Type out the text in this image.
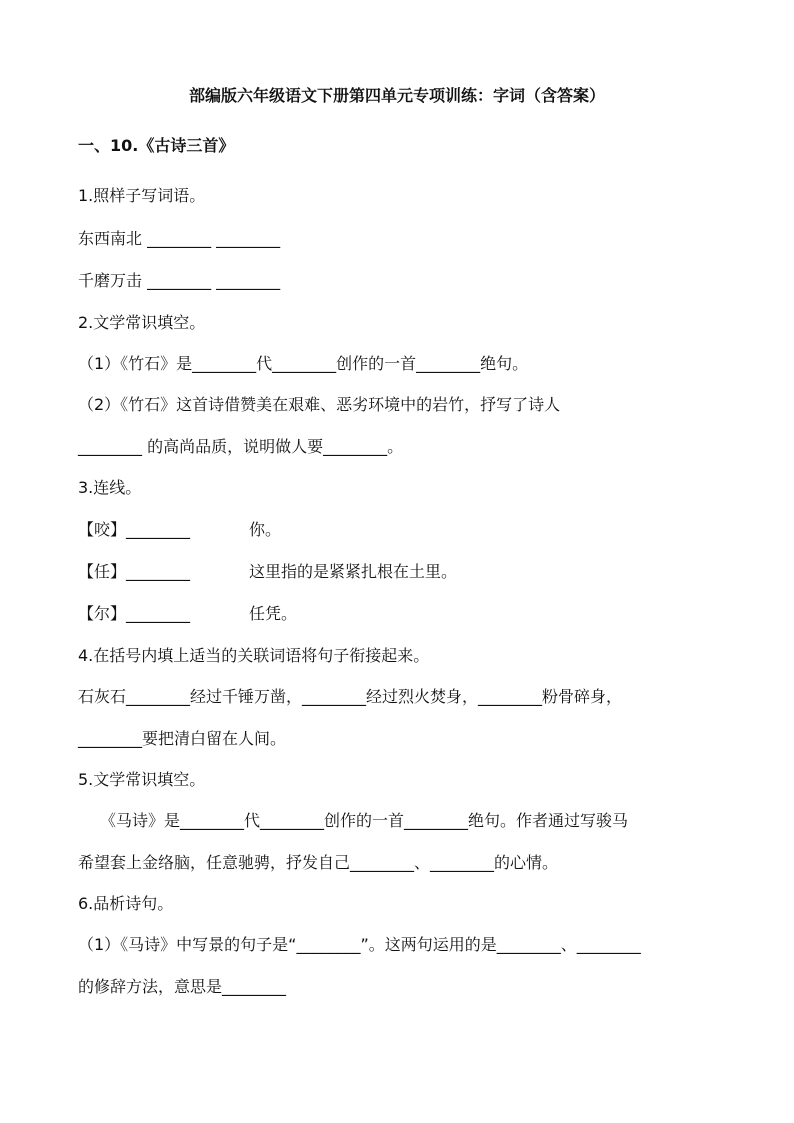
部编版六年级语文下册第四单元专项训练：字词（含答案）
一、10.《古诗三首》
1.照样子写词语。
东西南北 ________ ________
千磨万击 ________ ________
2.文学常识填空。
（1）《竹石》是________代________创作的一首________绝句。
（2）《竹石》这首诗借赞美在艰难、恶劣环境中的岩竹，抒写了诗人
________ 的高尚品质，说明做人要________。
3.连线。
【咬】________	你。
【任】________	这里指的是紧紧扎根在土里。
【尔】________	任凭。
4.在括号内填上适当的关联词语将句子衔接起来。
石灰石________经过千锤万凿，________经过烈火焚身，________粉骨碎身，
________要把清白留在人间。
5.文学常识填空。
《马诗》是________代________创作的一首________绝句。作者通过写骏马
希望套上金络脑，任意驰骋，抒发自己________、________的心情。
6.品析诗句。
（1）《马诗》中写景的句子是“________”。这两句运用的是________、________
的修辞方法，意思是________
